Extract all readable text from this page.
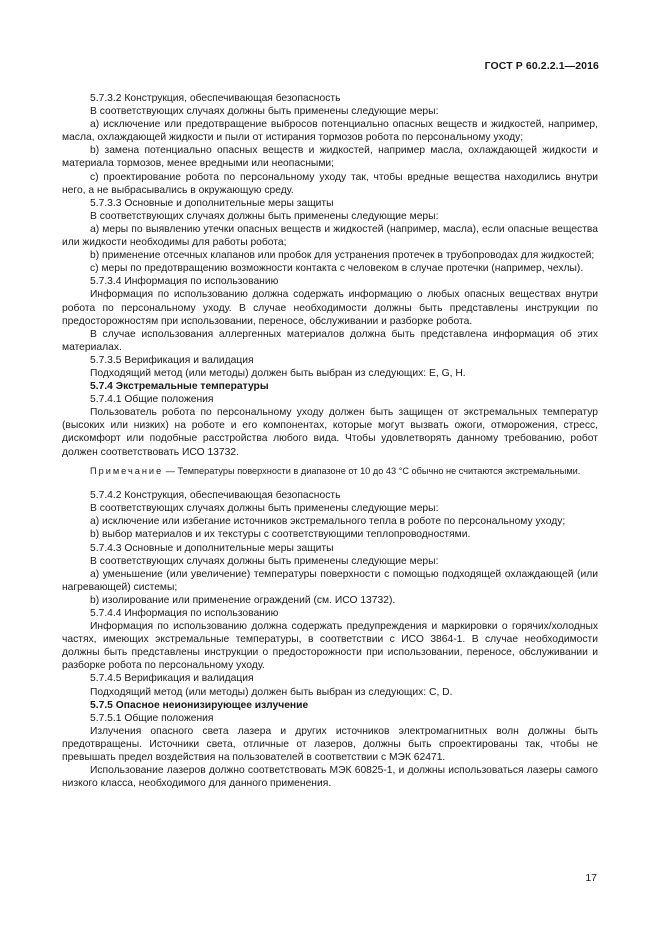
ГОСТ Р 60.2.2.1—2016

5.7.3.2 Конструкция, обеспечивающая безопасность

В соответствующих случаях должны быть применены следующие меры:

a) исключение или предотвращение выбросов потенциально опасных веществ и жидкостей, например, масла, охлаждающей жидкости и пыли от истирания тормозов робота по персональному уходу;

b) замена потенциально опасных веществ и жидкостей, например масла, охлаждающей жидкости и материала тормозов, менее вредными или неопасными;

c) проектирование робота по персональному уходу так, чтобы вредные вещества находились внутри него, а не выбрасывались в окружающую среду.

5.7.3.3 Основные и дополнительные меры защиты

В соответствующих случаях должны быть применены следующие меры:

a) меры по выявлению утечки опасных веществ и жидкостей (например, масла), если опасные вещества или жидкости необходимы для работы робота;

b) применение отсечных клапанов или пробок для устранения протечек в трубопроводах для жидкостей;

c) меры по предотвращению возможности контакта с человеком в случае протечки (например, чехлы).

5.7.3.4 Информация по использованию

Информация по использованию должна содержать информацию о любых опасных веществах внутри робота по персональному уходу. В случае необходимости должны быть представлены инструкции по предосторожностям при использовании, переносе, обслуживании и разборке робота.

В случае использования аллергенных материалов должна быть представлена информация об этих материалах.

5.7.3.5 Верификация и валидация

Подходящий метод (или методы) должен быть выбран из следующих: E, G, H.

5.7.4 Экстремальные температуры

5.7.4.1 Общие положения

Пользователь робота по персональному уходу должен быть защищен от экстремальных температур (высоких или низких) на роботе и его компонентах, которые могут вызвать ожоги, отморожения, стресс, дискомфорт или подобные расстройства любого вида. Чтобы удовлетворять данному требованию, робот должен соответствовать ИСО 13732.

Примечание — Температуры поверхности в диапазоне от 10 до 43 °C обычно не считаются экстремальными.

5.7.4.2 Конструкция, обеспечивающая безопасность

В соответствующих случаях должны быть применены следующие меры:

a) исключение или избегание источников экстремального тепла в роботе по персональному уходу;

b) выбор материалов и их текстуры с соответствующими теплопроводностями.

5.7.4.3 Основные и дополнительные меры защиты

В соответствующих случаях должны быть применены следующие меры:

a) уменьшение (или увеличение) температуры поверхности с помощью подходящей охлаждающей (или нагревающей) системы;

b) изолирование или применение ограждений (см. ИСО 13732).

5.7.4.4 Информация по использованию

Информация по использованию должна содержать предупреждения и маркировки о горячих/холодных частях, имеющих экстремальные температуры, в соответствии с ИСО 3864-1. В случае необходимости должны быть представлены инструкции о предосторожности при использовании, переносе, обслуживании и разборке робота по персональному уходу.

5.7.4.5 Верификация и валидация

Подходящий метод (или методы) должен быть выбран из следующих: C, D.

5.7.5 Опасное неионизирующее излучение

5.7.5.1 Общие положения

Излучения опасного света лазера и других источников электромагнитных волн должны быть предотвращены. Источники света, отличные от лазеров, должны быть спроектированы так, чтобы не превышать предел воздействия на пользователей в соответствии с МЭК 62471.

Использование лазеров должно соответствовать МЭК 60825-1, и должны использоваться лазеры самого низкого класса, необходимого для данного применения.

17
